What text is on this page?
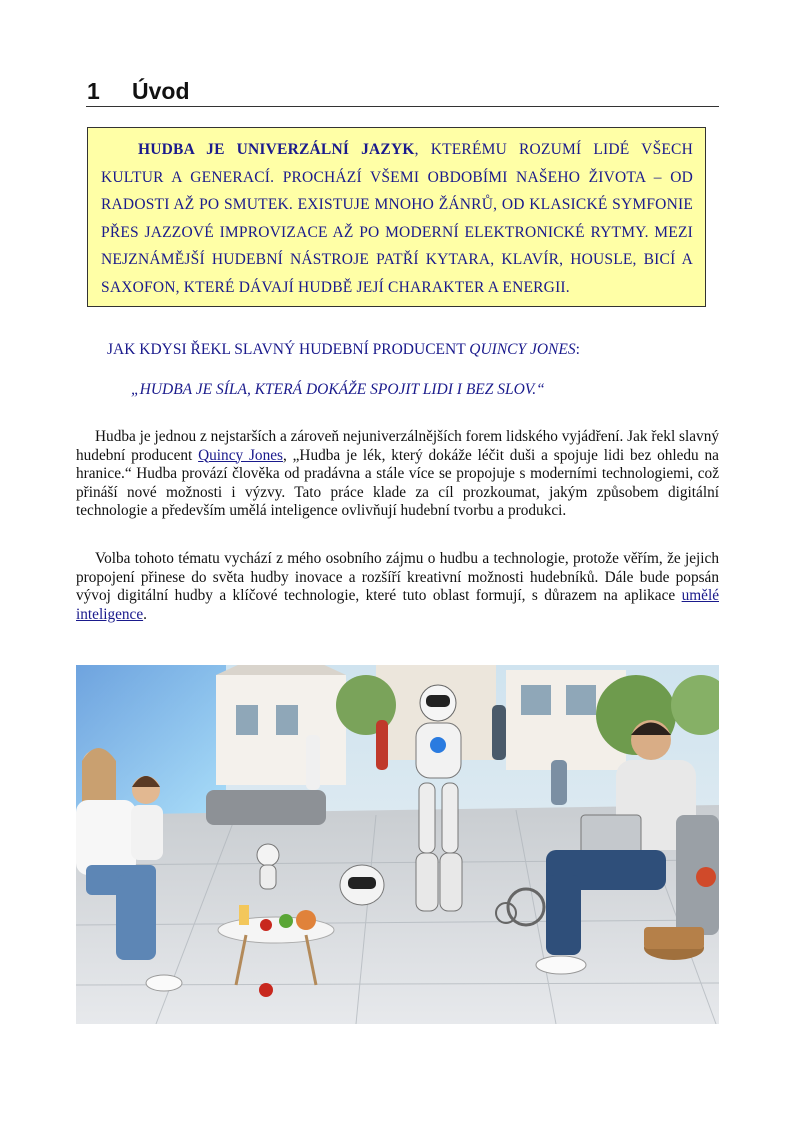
1 Úvod
HUDBA JE UNIVERZÁLNÍ JAZYK, KTERÉMU ROZUMÍ LIDÉ VŠECH KULTUR A GENERACÍ. PROCHÁZÍ VŠEMI OBDOBÍMI NAŠEHO ŽIVOTA – OD RADOSTI AŽ PO SMUTEK. EXISTUJE MNOHO ŽÁNRŮ, OD KLASICKÉ SYMFONIE PŘES JAZZOVÉ IMPROVIZACE AŽ PO MODERNÍ ELEKTRONICKÉ RYTMY. MEZI NEJZNÁMĚJŠÍ HUDEBNÍ NÁSTROJE PATŘÍ KYTARA, KLAVÍR, HOUSLE, BICÍ A SAXOFON, KTERÉ DÁVAJÍ HUDBĚ JEJÍ CHARAKTER A ENERGII.
JAK KDYSI ŘEKL SLAVNÝ HUDEBNÍ PRODUCENT QUINCY JONES:
„HUDBA JE SÍLA, KTERÁ DOKÁŽE SPOJIT LIDI I BEZ SLOV.“
Hudba je jednou z nejstarších a zároveň nejuniverzálnějších forem lidského vyjádření. Jak řekl slavný hudební producent Quincy Jones, „Hudba je lék, který dokáže léčit duši a spojuje lidi bez ohledu na hranice.“ Hudba provází člověka od pradávna a stále více se propojuje s moderními technologiemi, což přináší nové možnosti i výzvy. Tato práce klade za cíl prozkoumat, jakým způsobem digitální technologie a především umělá inteligence ovlivňují hudební tvorbu a produkci.
Volba tohoto tématu vychází z mého osobního zájmu o hudbu a technologie, protože věřím, že jejich propojení přinese do světa hudby inovace a rozšíří kreativní možnosti hudebníků. Dále bude popsán vývoj digitální hudby a klíčové technologie, které tuto oblast formují, s důrazem na aplikace umělé inteligence.
